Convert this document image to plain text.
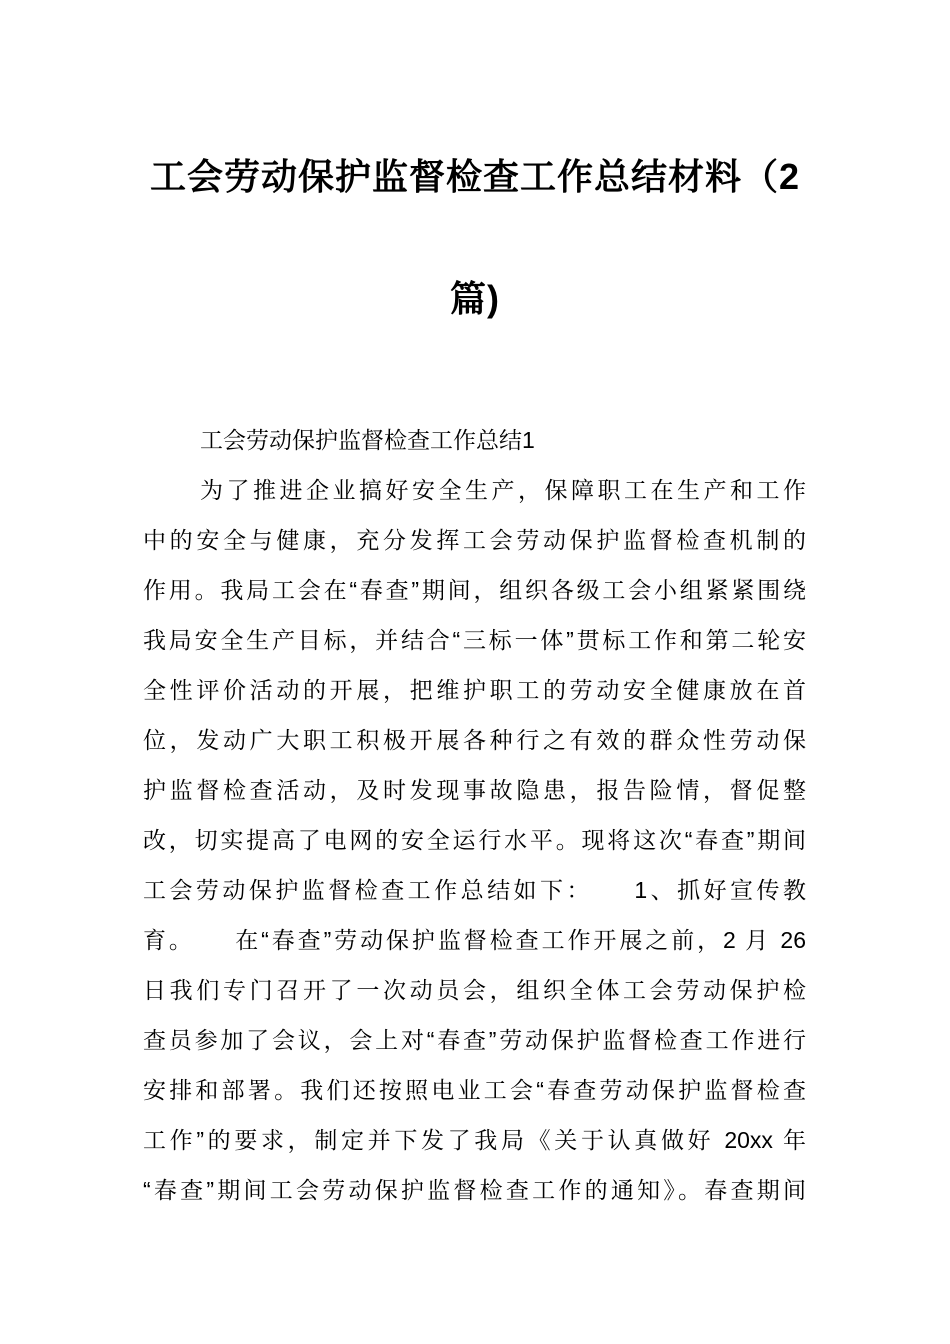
工会劳动保护监督检查工作总结材料（2
篇)
工会劳动保护监督检查工作总结1
为了推进企业搞好安全生产，保障职工在生产和工作
中的安全与健康，充分发挥工会劳动保护监督检查机制的
作用。我局工会在“春查”期间，组织各级工会小组紧紧围绕
我局安全生产目标，并结合“三标一体”贯标工作和第二轮安
全性评价活动的开展，把维护职工的劳动安全健康放在首
位，发动广大职工积极开展各种行之有效的群众性劳动保
护监督检查活动，及时发现事故隐患，报告险情，督促整
改，切实提高了电网的安全运行水平。现将这次“春查”期间
工会劳动保护监督检查工作总结如下：　　1、抓好宣传教
育。　　在“春查”劳动保护监督检查工作开展之前，2 月 26
日我们专门召开了一次动员会，组织全体工会劳动保护检
查员参加了会议，会上对“春查”劳动保护监督检查工作进行
安排和部署。我们还按照电业工会“春查劳动保护监督检查
工作”的要求，制定并下发了我局《关于认真做好 20xx 年
“春查”期间工会劳动保护监督检查工作的通知》。春查期间
